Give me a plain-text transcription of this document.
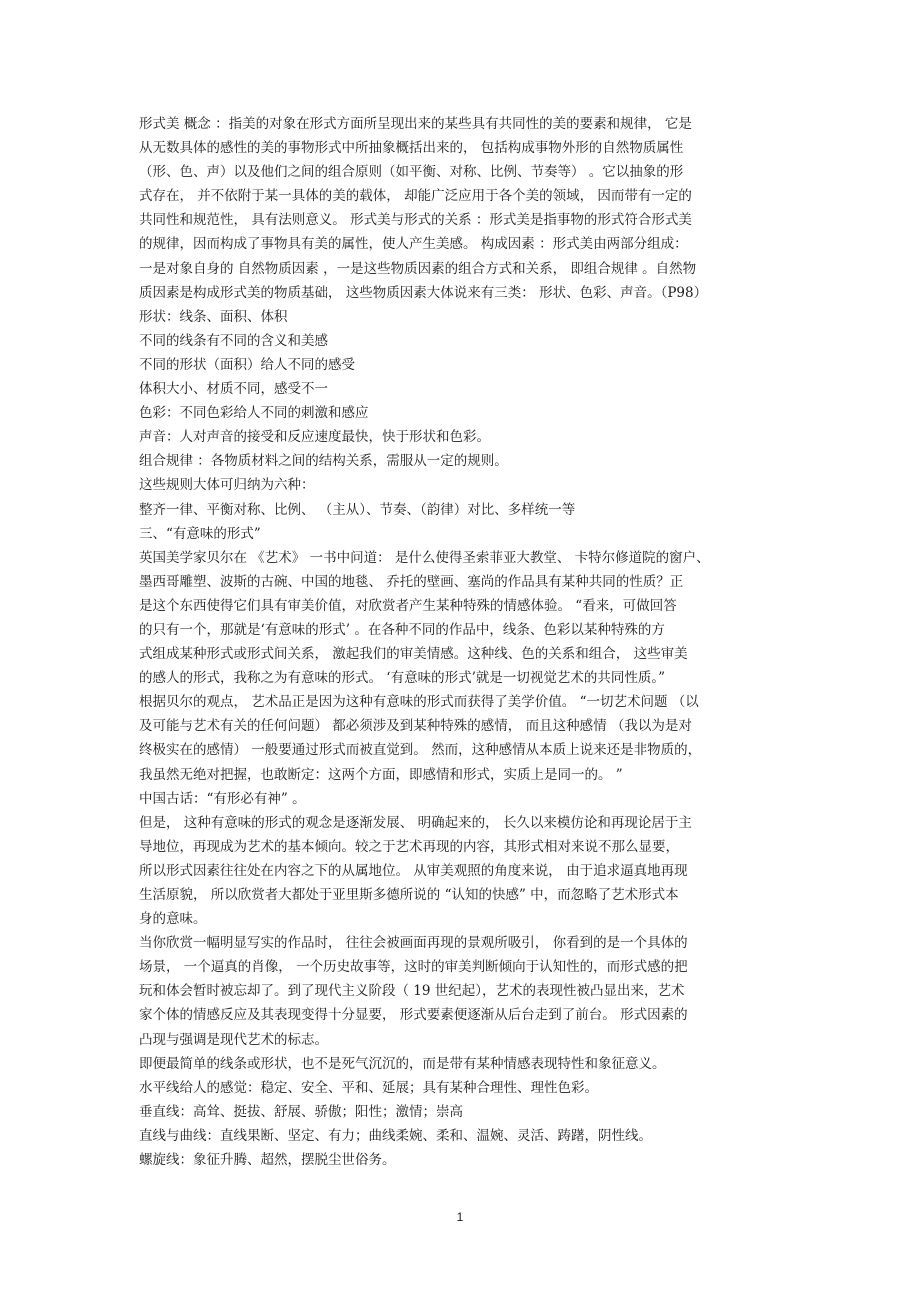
形式美 概念 ：指美的对象在形式方面所呈现出来的某些具有共同性的美的要素和规律， 它是
从无数具体的感性的美的事物形式中所抽象概括出来的， 包括构成事物外形的自然物质属性
（形、色、声）以及他们之间的组合原则（如平衡、对称、比例、节奏等） 。它以抽象的形
式存在， 并不依附于某一具体的美的载体， 却能广泛应用于各个美的领域， 因而带有一定的
共同性和规范性， 具有法则意义。 形式美与形式的关系 ：形式美是指事物的形式符合形式美
的规律，因而构成了事物具有美的属性，使人产生美感。 构成因素 ：形式美由两部分组成：
一是对象自身的 自然物质因素 ，一是这些物质因素的组合方式和关系， 即组合规律 。自然物
质因素是构成形式美的物质基础， 这些物质因素大体说来有三类： 形状、色彩、声音。（P98）
形状：线条、面积、体积
不同的线条有不同的含义和美感
不同的形状（面积）给人不同的感受
体积大小、材质不同，感受不一
色彩：不同色彩给人不同的刺激和感应
声音：人对声音的接受和反应速度最快，快于形状和色彩。
组合规律 ：各物质材料之间的结构关系，需服从一定的规则。
这些规则大体可归纳为六种：
整齐一律、平衡对称、比例、 （主从）、节奏、（韵律）对比、多样统一等
三、“有意味的形式”
英国美学家贝尔在 《艺术》 一书中问道： 是什么使得圣索菲亚大教堂、 卡特尔修道院的窗户、
墨西哥雕塑、波斯的古碗、中国的地毯、 乔托的壁画、塞尚的作品具有某种共同的性质？正
是这个东西使得它们具有审美价值，对欣赏者产生某种特殊的情感体验。 “看来，可做回答
的只有一个，那就是‘有意味的形式’ 。在各种不同的作品中，线条、色彩以某种特殊的方
式组成某种形式或形式间关系， 激起我们的审美情感。这种线、色的关系和组合， 这些审美
的感人的形式，我称之为有意味的形式。 ‘有意味的形式’就是一切视觉艺术的共同性质。”
根据贝尔的观点， 艺术品正是因为这种有意味的形式而获得了美学价值。 “一切艺术问题 （以
及可能与艺术有关的任何问题） 都必须涉及到某种特殊的感情， 而且这种感情 （我以为是对
终极实在的感情） 一般要通过形式而被直觉到。 然而，这种感情从本质上说来还是非物质的，
我虽然无绝对把握，也敢断定：这两个方面，即感情和形式，实质上是同一的。 ”
中国古话：“有形必有神” 。
但是， 这种有意味的形式的观念是逐渐发展、 明确起来的， 长久以来模仿论和再现论居于主
导地位，再现成为艺术的基本倾向。较之于艺术再现的内容，其形式相对来说不那么显要，
所以形式因素往往处在内容之下的从属地位。 从审美观照的角度来说， 由于追求逼真地再现
生活原貌， 所以欣赏者大都处于亚里斯多德所说的 “认知的快感” 中，而忽略了艺术形式本
身的意味。
当你欣赏一幅明显写实的作品时， 往往会被画面再现的景观所吸引， 你看到的是一个具体的
场景， 一个逼真的肖像， 一个历史故事等，这时的审美判断倾向于认知性的，而形式感的把
玩和体会暂时被忘却了。到了现代主义阶段（ 19 世纪起），艺术的表现性被凸显出来，艺术
家个体的情感反应及其表现变得十分显要， 形式要素便逐渐从后台走到了前台。 形式因素的
凸现与强调是现代艺术的标志。
即便最简单的线条或形状，也不是死气沉沉的，而是带有某种情感表现特性和象征意义。
水平线给人的感觉：稳定、安全、平和、延展；具有某种合理性、理性色彩。
垂直线：高耸、挺拔、舒展、骄傲；阳性；激情；崇高
直线与曲线：直线果断、坚定、有力；曲线柔婉、柔和、温婉、灵活、踌躇，阴性线。
螺旋线：象征升腾、超然，摆脱尘世俗务。
1
